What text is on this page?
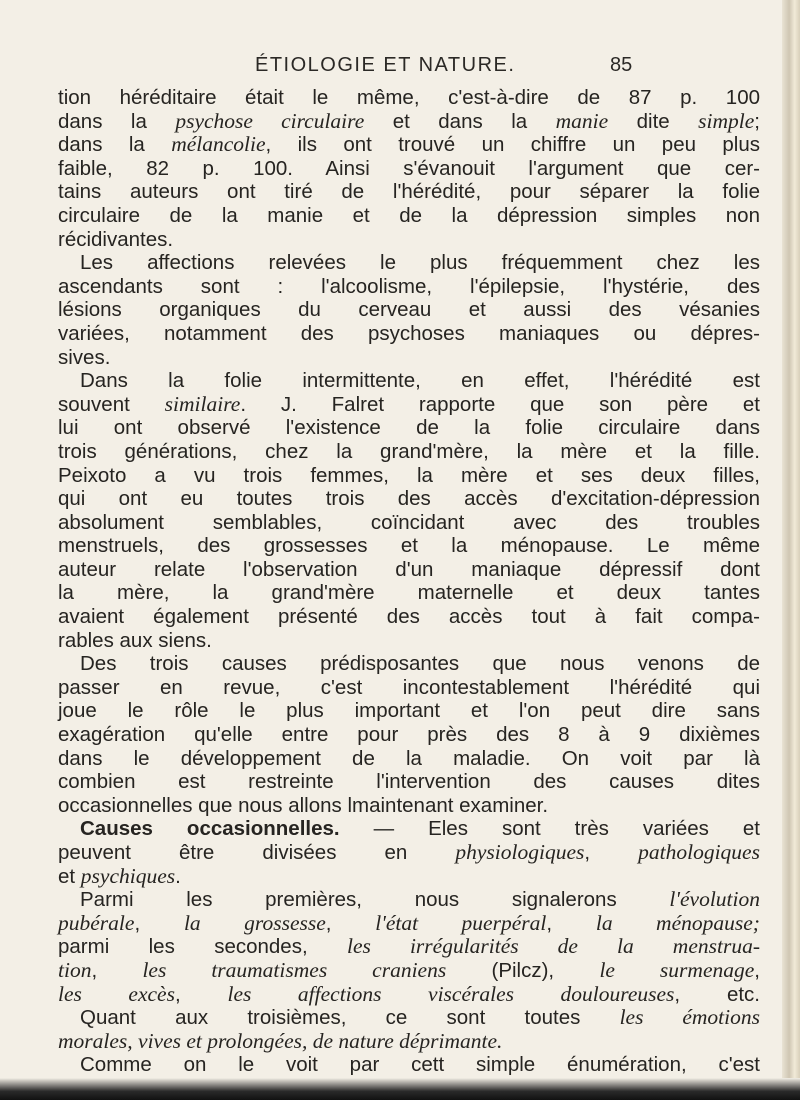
ÉTIOLOGIE ET NATURE.	85
tion héréditaire était le même, c'est-à-dire de 87 p. 100
dans la psychose circulaire et dans la manie dite simple;
dans la mélancolie, ils ont trouvé un chiffre un peu plus
faible, 82 p. 100. Ainsi s'évanouit l'argument que cer-
tains auteurs ont tiré de l'hérédité, pour séparer la folie
circulaire de la manie et de la dépression simples non
récidivantes.
Les affections relevées le plus fréquemment chez les
ascendants sont : l'alcoolisme, l'épilepsie, l'hystérie, des
lésions organiques du cerveau et aussi des vésanies
variées, notamment des psychoses maniaques ou dépres-
sives.
Dans la folie intermittente, en effet, l'hérédité est
souvent similaire. J. Falret rapporte que son père et
lui ont observé l'existence de la folie circulaire dans
trois générations, chez la grand'mère, la mère et la fille.
Peixoto a vu trois femmes, la mère et ses deux filles,
qui ont eu toutes trois des accès d'excitation-dépression
absolument semblables, coïncidant avec des troubles
menstruels, des grossesses et la ménopause. Le même
auteur relate l'observation d'un maniaque dépressif dont
la mère, la grand'mère maternelle et deux tantes
avaient également présenté des accès tout à fait compa-
rables aux siens.
Des trois causes prédisposantes que nous venons de
passer en revue, c'est incontestablement l'hérédité qui
joue le rôle le plus important et l'on peut dire sans
exagération qu'elle entre pour près des 8 à 9 dixièmes
dans le développement de la maladie. On voit par là
combien est restreinte l'intervention des causes dites
occasionnelles que nous allons lmaintenant examiner.
Causes occasionnelles. — Eles sont très variées et
peuvent être divisées en physiologiques, pathologiques
et psychiques.
Parmi les premières, nous signalerons l'évolution
pubérale, la grossesse, l'état puerpéral, la ménopause;
parmi les secondes, les irrégularités de la menstrua-
tion, les traumatismes craniens (Pilcz), le surmenage,
les excès, les affections viscérales douloureuses, etc.
Quant aux troisièmes, ce sont toutes les émotions
morales, vives et prolongées, de nature déprimante.
Comme on le voit par cett simple énumération, c'est
